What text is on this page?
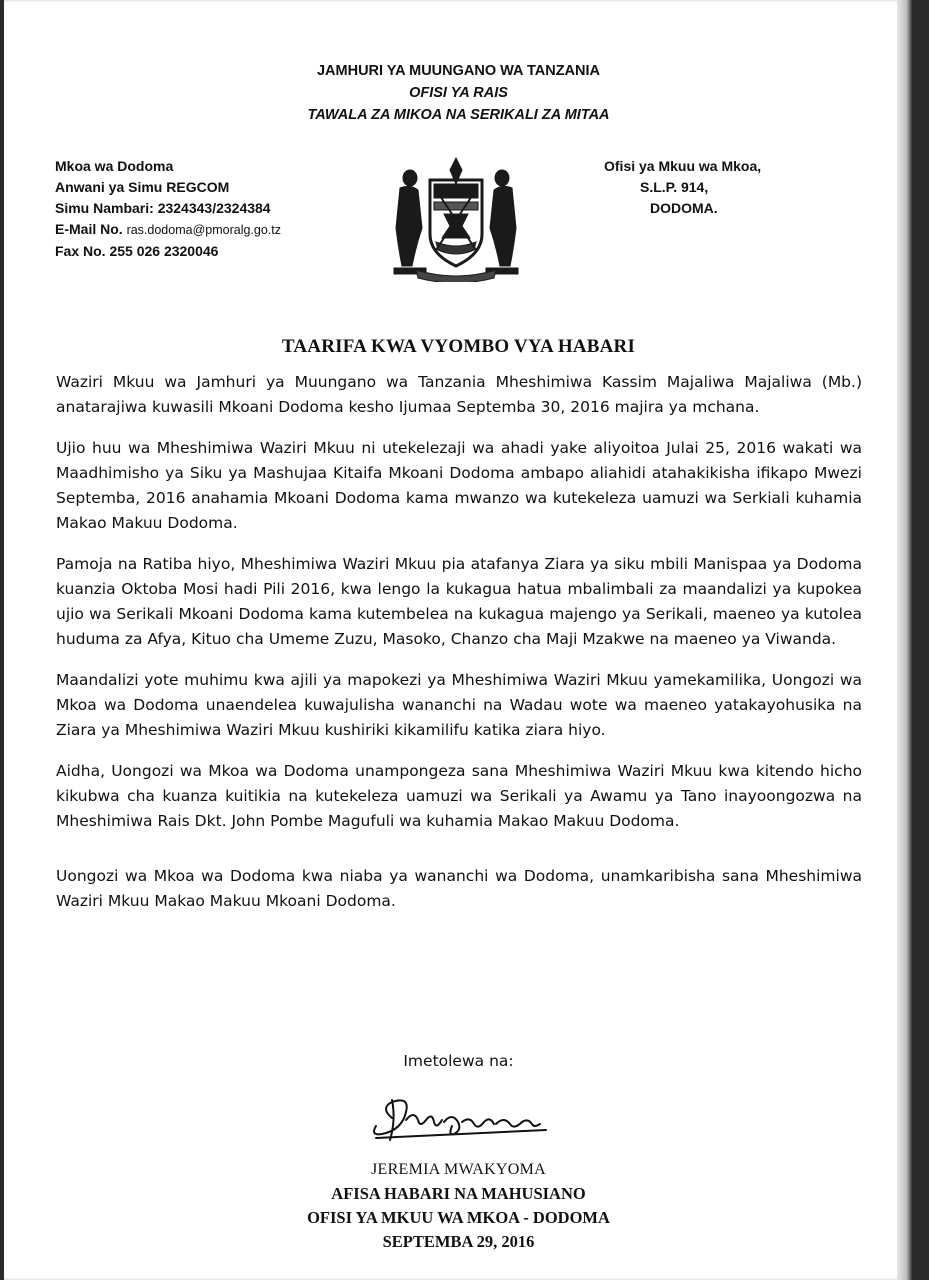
JAMHURI YA MUUNGANO WA TANZANIA
OFISI YA RAIS
TAWALA ZA MIKOA NA SERIKALI ZA MITAA
Mkoa wa Dodoma
Anwani ya Simu REGCOM
Simu Nambari: 2324343/2324384
E-Mail No. ras.dodoma@pmoralg.go.tz
Fax No. 255 026 2320046
Ofisi ya Mkuu wa Mkoa,
S.L.P. 914,
DODOMA.
TAARIFA KWA VYOMBO VYA HABARI

Waziri Mkuu wa Jamhuri ya Muungano wa Tanzania Mheshimiwa Kassim Majaliwa Majaliwa (Mb.) anatarajiwa kuwasili Mkoani Dodoma kesho Ijumaa Septemba 30, 2016 majira ya mchana.

Ujio huu wa Mheshimiwa Waziri Mkuu ni utekelezaji wa ahadi yake aliyoitoa Julai 25, 2016 wakati wa Maadhimisho ya Siku ya Mashujaa Kitaifa Mkoani Dodoma ambapo aliahidi atahakikisha ifikapo Mwezi Septemba, 2016 anahamia Mkoani Dodoma kama mwanzo wa kutekeleza uamuzi wa Serkiali kuhamia Makao Makuu Dodoma.

Pamoja na Ratiba hiyo, Mheshimiwa Waziri Mkuu pia atafanya Ziara ya siku mbili Manispaa ya Dodoma kuanzia Oktoba Mosi hadi Pili 2016, kwa lengo la kukagua hatua mbalimbali za maandalizi ya kupokea ujio wa Serikali Mkoani Dodoma kama kutembelea na kukagua majengo ya Serikali, maeneo ya kutolea huduma za Afya, Kituo cha Umeme Zuzu, Masoko, Chanzo cha Maji Mzakwe na maeneo ya Viwanda.

Maandalizi yote muhimu kwa ajili ya mapokezi ya Mheshimiwa Waziri Mkuu yamekamilika, Uongozi wa Mkoa wa Dodoma unaendelea kuwajulisha wananchi na Wadau wote wa maeneo yatakayohusika na Ziara ya Mheshimiwa Waziri Mkuu kushiriki kikamilifu katika ziara hiyo.

Aidha, Uongozi wa Mkoa wa Dodoma unampongeza sana Mheshimiwa Waziri Mkuu kwa kitendo hicho kikubwa cha kuanza kuitikia na kutekeleza uamuzi wa Serikali ya Awamu ya Tano inayoongozwa na Mheshimiwa Rais Dkt. John Pombe Magufuli wa kuhamia Makao Makuu Dodoma.

Uongozi wa Mkoa wa Dodoma kwa niaba ya wananchi wa Dodoma, unamkaribisha sana Mheshimiwa Waziri Mkuu Makao Makuu Mkoani Dodoma.

Imetolewa na:
JEREMIA MWAKYOMA
AFISA HABARI NA MAHUSIANO
OFISI YA MKUU WA MKOA - DODOMA
SEPTEMBA 29, 2016
